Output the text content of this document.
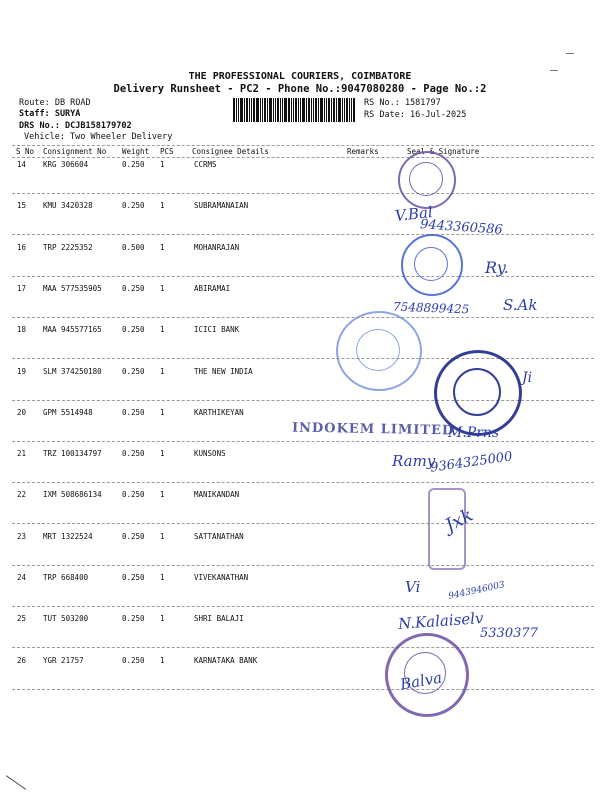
THE PROFESSIONAL COURIERS, COIMBATORE
Delivery Runsheet - PC2 - Phone No.:9047080280 - Page No.:2
Route: DB ROAD
Staff: SURYA
DRS No.: DCJB158179702
Vehicle: Two Wheeler Delivery
RS No.: 1581797
RS Date: 16-Jul-2025
S No Consignment No Weight PCS Consignee Details	Remarks	Seal & Signature
14 KRG 306604	0.250 1	CCRMS
15 KMU 3420328	0.250 1	SUBRAMANAIAN
16 TRP 2225352	0.500 1	MOHANRAJAN
17 MAA 577535905	0.250 1	ABIRAMAI
18 MAA 945577165	0.250 1	ICICI BANK
19 SLM 374250180	0.250 1	THE NEW INDIA
20 GPM 5514948	0.250 1	KARTHIKEYAN
21 TRZ 100134797	0.250 1	KUNSONS
22 IXM 508686134	0.250 1	MANIKANDAN
23 MRT 1322524	0.250 1	SATTANATHAN
24 TRP 668400	0.250 1	VIVEKANATHAN
25 TUT 503200	0.250 1	SHRI BALAJI
26 YGR 21757	0.250 1	KARNATAKA BANK
INDOKEM LIMITED
V.Bal
9443360586
Ry.
7548899425 S.Ak
Ji
M.Prns
Ramy
9364325000
Jxk
Vi	9443946003
N.Kalaiselv
5330377
Balva
